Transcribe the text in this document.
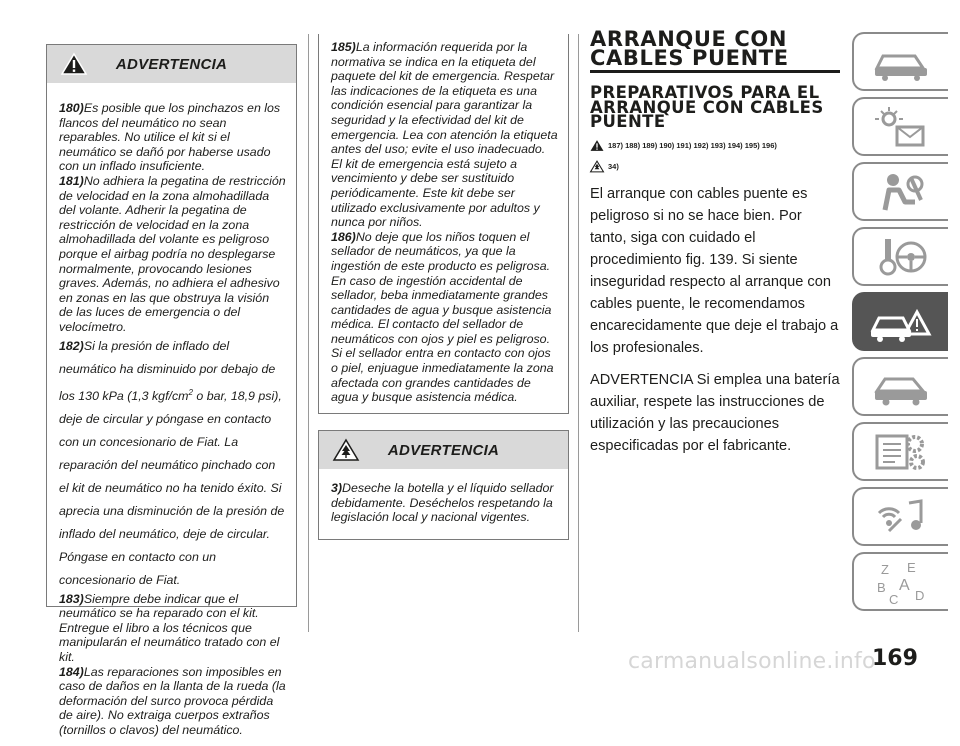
ADVERTENCIA

180)Es posible que los pinchazos en los flancos del neumático no sean reparables. No utilice el kit si el neumático se dañó por haberse usado con un inflado insuficiente.

181)No adhiera la pegatina de restricción de velocidad en la zona almohadillada del volante. Adherir la pegatina de restricción de velocidad en la zona almohadillada del volante es peligroso porque el airbag podría no desplegarse normalmente, provocando lesiones graves. Además, no adhiera el adhesivo en zonas en las que obstruya la visión de las luces de emergencia o del velocímetro.

182)Si la presión de inflado del neumático ha disminuido por debajo de los 130 kPa (1,3 kgf/$cm^2$ o bar, 18,9 psi), deje de circular y póngase en contacto con un concesionario de Fiat. La reparación del neumático pinchado con el kit de neumático no ha tenido éxito. Si aprecia una disminución de la presión de inflado del neumático, deje de circular. Póngase en contacto con un concesionario de Fiat.

183)Siempre debe indicar que el neumático se ha reparado con el kit. Entregue el libro a los técnicos que manipularán el neumático tratado con el kit.

184)Las reparaciones son imposibles en caso de daños en la llanta de la rueda (la deformación del surco provoca pérdida de aire). No extraiga cuerpos extraños (tornillos o clavos) del neumático.

185)La información requerida por la normativa se indica en la etiqueta del paquete del kit de emergencia. Respetar las indicaciones de la etiqueta es una condición esencial para garantizar la seguridad y la efectividad del kit de emergencia. Lea con atención la etiqueta antes del uso; evite el uso inadecuado. El kit de emergencia está sujeto a vencimiento y debe ser sustituido periódicamente. Este kit debe ser utilizado exclusivamente por adultos y nunca por niños.

186)No deje que los niños toquen el sellador de neumáticos, ya que la ingestión de este producto es peligrosa. En caso de ingestión accidental de sellador, beba inmediatamente grandes cantidades de agua y busque asistencia médica. El contacto del sellador de neumáticos con ojos y piel es peligroso. Si el sellador entra en contacto con ojos o piel, enjuague inmediatamente la zona afectada con grandes cantidades de agua y busque asistencia médica.

ADVERTENCIA

3)Deseche la botella y el líquido sellador debidamente. Deséchelos respetando la legislación local y nacional vigentes.

ARRANQUE CON CABLES PUENTE
PREPARATIVOS PARA EL ARRANQUE CON CABLES PUENTE
187) 188) 189) 190) 191) 192) 193) 194) 195) 196)
34)

El arranque con cables puente es peligroso si no se hace bien. Por tanto, siga con cuidado el procedimiento fig. 139. Si siente inseguridad respecto al arranque con cables puente, le recomendamos encarecidamente que deje el trabajo a los profesionales.

ADVERTENCIA Si emplea una batería auxiliar, respete las instrucciones de utilización y las precauciones especificadas por el fabricante.

Z E
B A
C D
carmanualsonline.info
169
